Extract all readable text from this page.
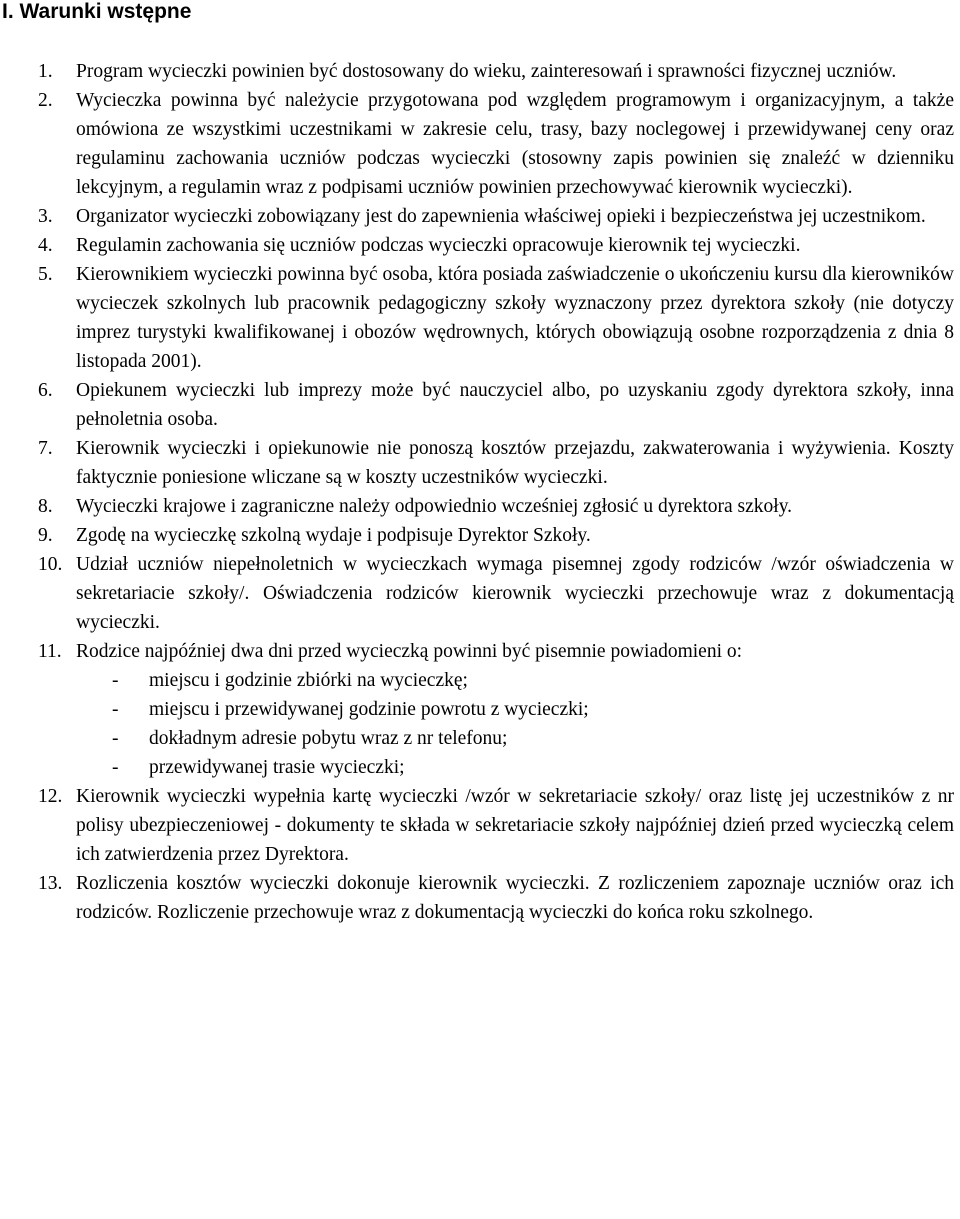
I. Warunki wstępne
1. Program wycieczki powinien być dostosowany do wieku, zainteresowań i sprawności fizycznej uczniów.
2. Wycieczka powinna być należycie przygotowana pod względem programowym i organizacyjnym, a także omówiona ze wszystkimi uczestnikami w zakresie celu, trasy, bazy noclegowej i przewidywanej ceny oraz regulaminu zachowania uczniów podczas wycieczki (stosowny zapis powinien się znaleźć w dzienniku lekcyjnym, a regulamin wraz z podpisami uczniów powinien przechowywać kierownik wycieczki).
3. Organizator wycieczki zobowiązany jest do zapewnienia właściwej opieki i bezpieczeństwa jej uczestnikom.
4. Regulamin zachowania się uczniów podczas wycieczki opracowuje kierownik tej wycieczki.
5. Kierownikiem wycieczki powinna być osoba, która posiada zaświadczenie o ukończeniu kursu dla kierowników wycieczek szkolnych lub pracownik pedagogiczny szkoły wyznaczony przez dyrektora szkoły (nie dotyczy imprez turystyki kwalifikowanej i obozów wędrownych, których obowiązują osobne rozporządzenia z dnia 8 listopada 2001).
6. Opiekunem wycieczki lub imprezy może być nauczyciel albo, po uzyskaniu zgody dyrektora szkoły, inna pełnoletnia osoba.
7. Kierownik wycieczki i opiekunowie nie ponoszą kosztów przejazdu, zakwaterowania i wyżywienia. Koszty faktycznie poniesione wliczane są w koszty uczestników wycieczki.
8. Wycieczki krajowe i zagraniczne należy odpowiednio wcześniej zgłosić u dyrektora szkoły.
9. Zgodę na wycieczkę szkolną wydaje i podpisuje Dyrektor Szkoły.
10. Udział uczniów niepełnoletnich w wycieczkach wymaga pisemnej zgody rodziców /wzór oświadczenia w sekretariacie szkoły/. Oświadczenia rodziców kierownik wycieczki przechowuje wraz z dokumentacją wycieczki.
11. Rodzice najpóźniej dwa dni przed wycieczką powinni być pisemnie powiadomieni o:
- miejscu i godzinie zbiórki na wycieczkę;
- miejscu i przewidywanej godzinie powrotu z wycieczki;
- dokładnym adresie pobytu wraz z nr telefonu;
- przewidywanej trasie wycieczki;
12. Kierownik wycieczki wypełnia kartę wycieczki /wzór w sekretariacie szkoły/ oraz listę jej uczestników z nr polisy ubezpieczeniowej - dokumenty te składa w sekretariacie szkoły najpóźniej dzień przed wycieczką celem ich zatwierdzenia przez Dyrektora.
13. Rozliczenia kosztów wycieczki dokonuje kierownik wycieczki. Z rozliczeniem zapoznaje uczniów oraz ich rodziców. Rozliczenie przechowuje wraz z dokumentacją wycieczki do końca roku szkolnego.
